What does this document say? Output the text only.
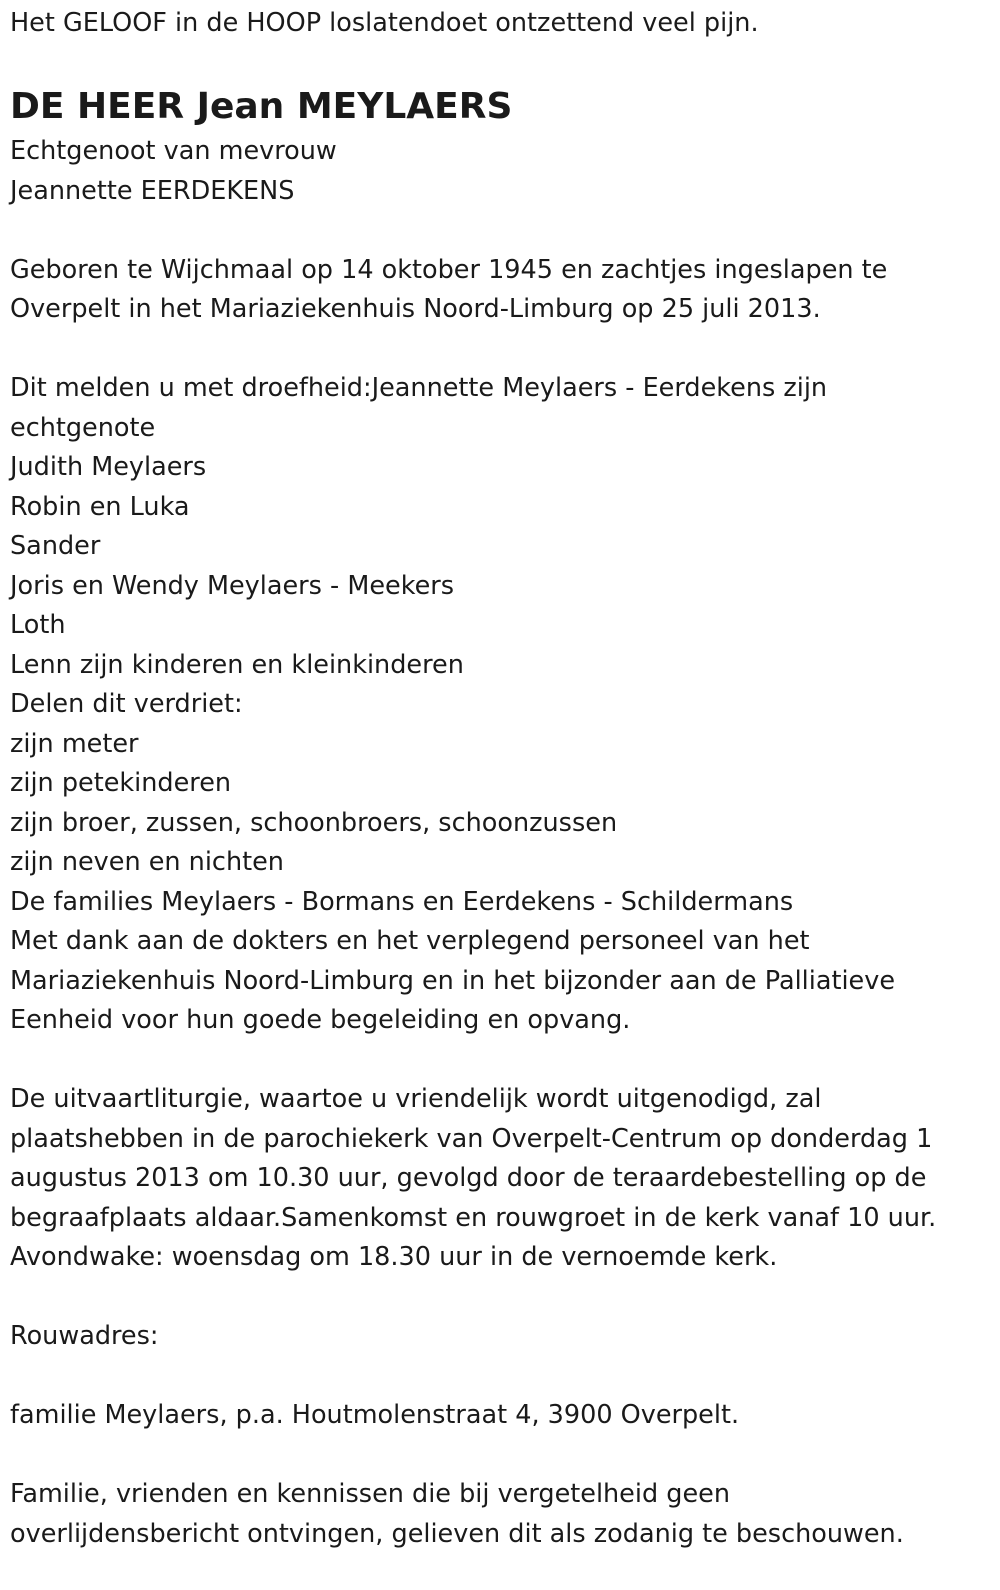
Het GELOOF in de HOOP loslatendoet ontzettend veel pijn.

DE HEER Jean MEYLAERS

Echtgenoot van mevrouw

Jeannette EERDEKENS

Geboren te Wijchmaal op 14 oktober 1945 en zachtjes ingeslapen te

Overpelt in het Mariaziekenhuis Noord-Limburg op 25 juli 2013.

Dit melden u met droefheid:Jeannette Meylaers - Eerdekens zijn

echtgenote

Judith Meylaers

Robin en Luka

Sander

Joris en Wendy Meylaers - Meekers

Loth

Lenn zijn kinderen en kleinkinderen

Delen dit verdriet:

zijn meter

zijn petekinderen

zijn broer, zussen, schoonbroers, schoonzussen

zijn neven en nichten

De families Meylaers - Bormans en Eerdekens - Schildermans

Met dank aan de dokters en het verplegend personeel van het

Mariaziekenhuis Noord-Limburg en in het bijzonder aan de Palliatieve

Eenheid voor hun goede begeleiding en opvang.

De uitvaartliturgie, waartoe u vriendelijk wordt uitgenodigd, zal

plaatshebben in de parochiekerk van Overpelt-Centrum op donderdag 1

augustus 2013 om 10.30 uur, gevolgd door de teraardebestelling op de

begraafplaats aldaar.Samenkomst en rouwgroet in de kerk vanaf 10 uur.

Avondwake: woensdag om 18.30 uur in de vernoemde kerk.

Rouwadres:

familie Meylaers, p.a. Houtmolenstraat 4, 3900 Overpelt.

Familie, vrienden en kennissen die bij vergetelheid geen

overlijdensbericht ontvingen, gelieven dit als zodanig te beschouwen.
